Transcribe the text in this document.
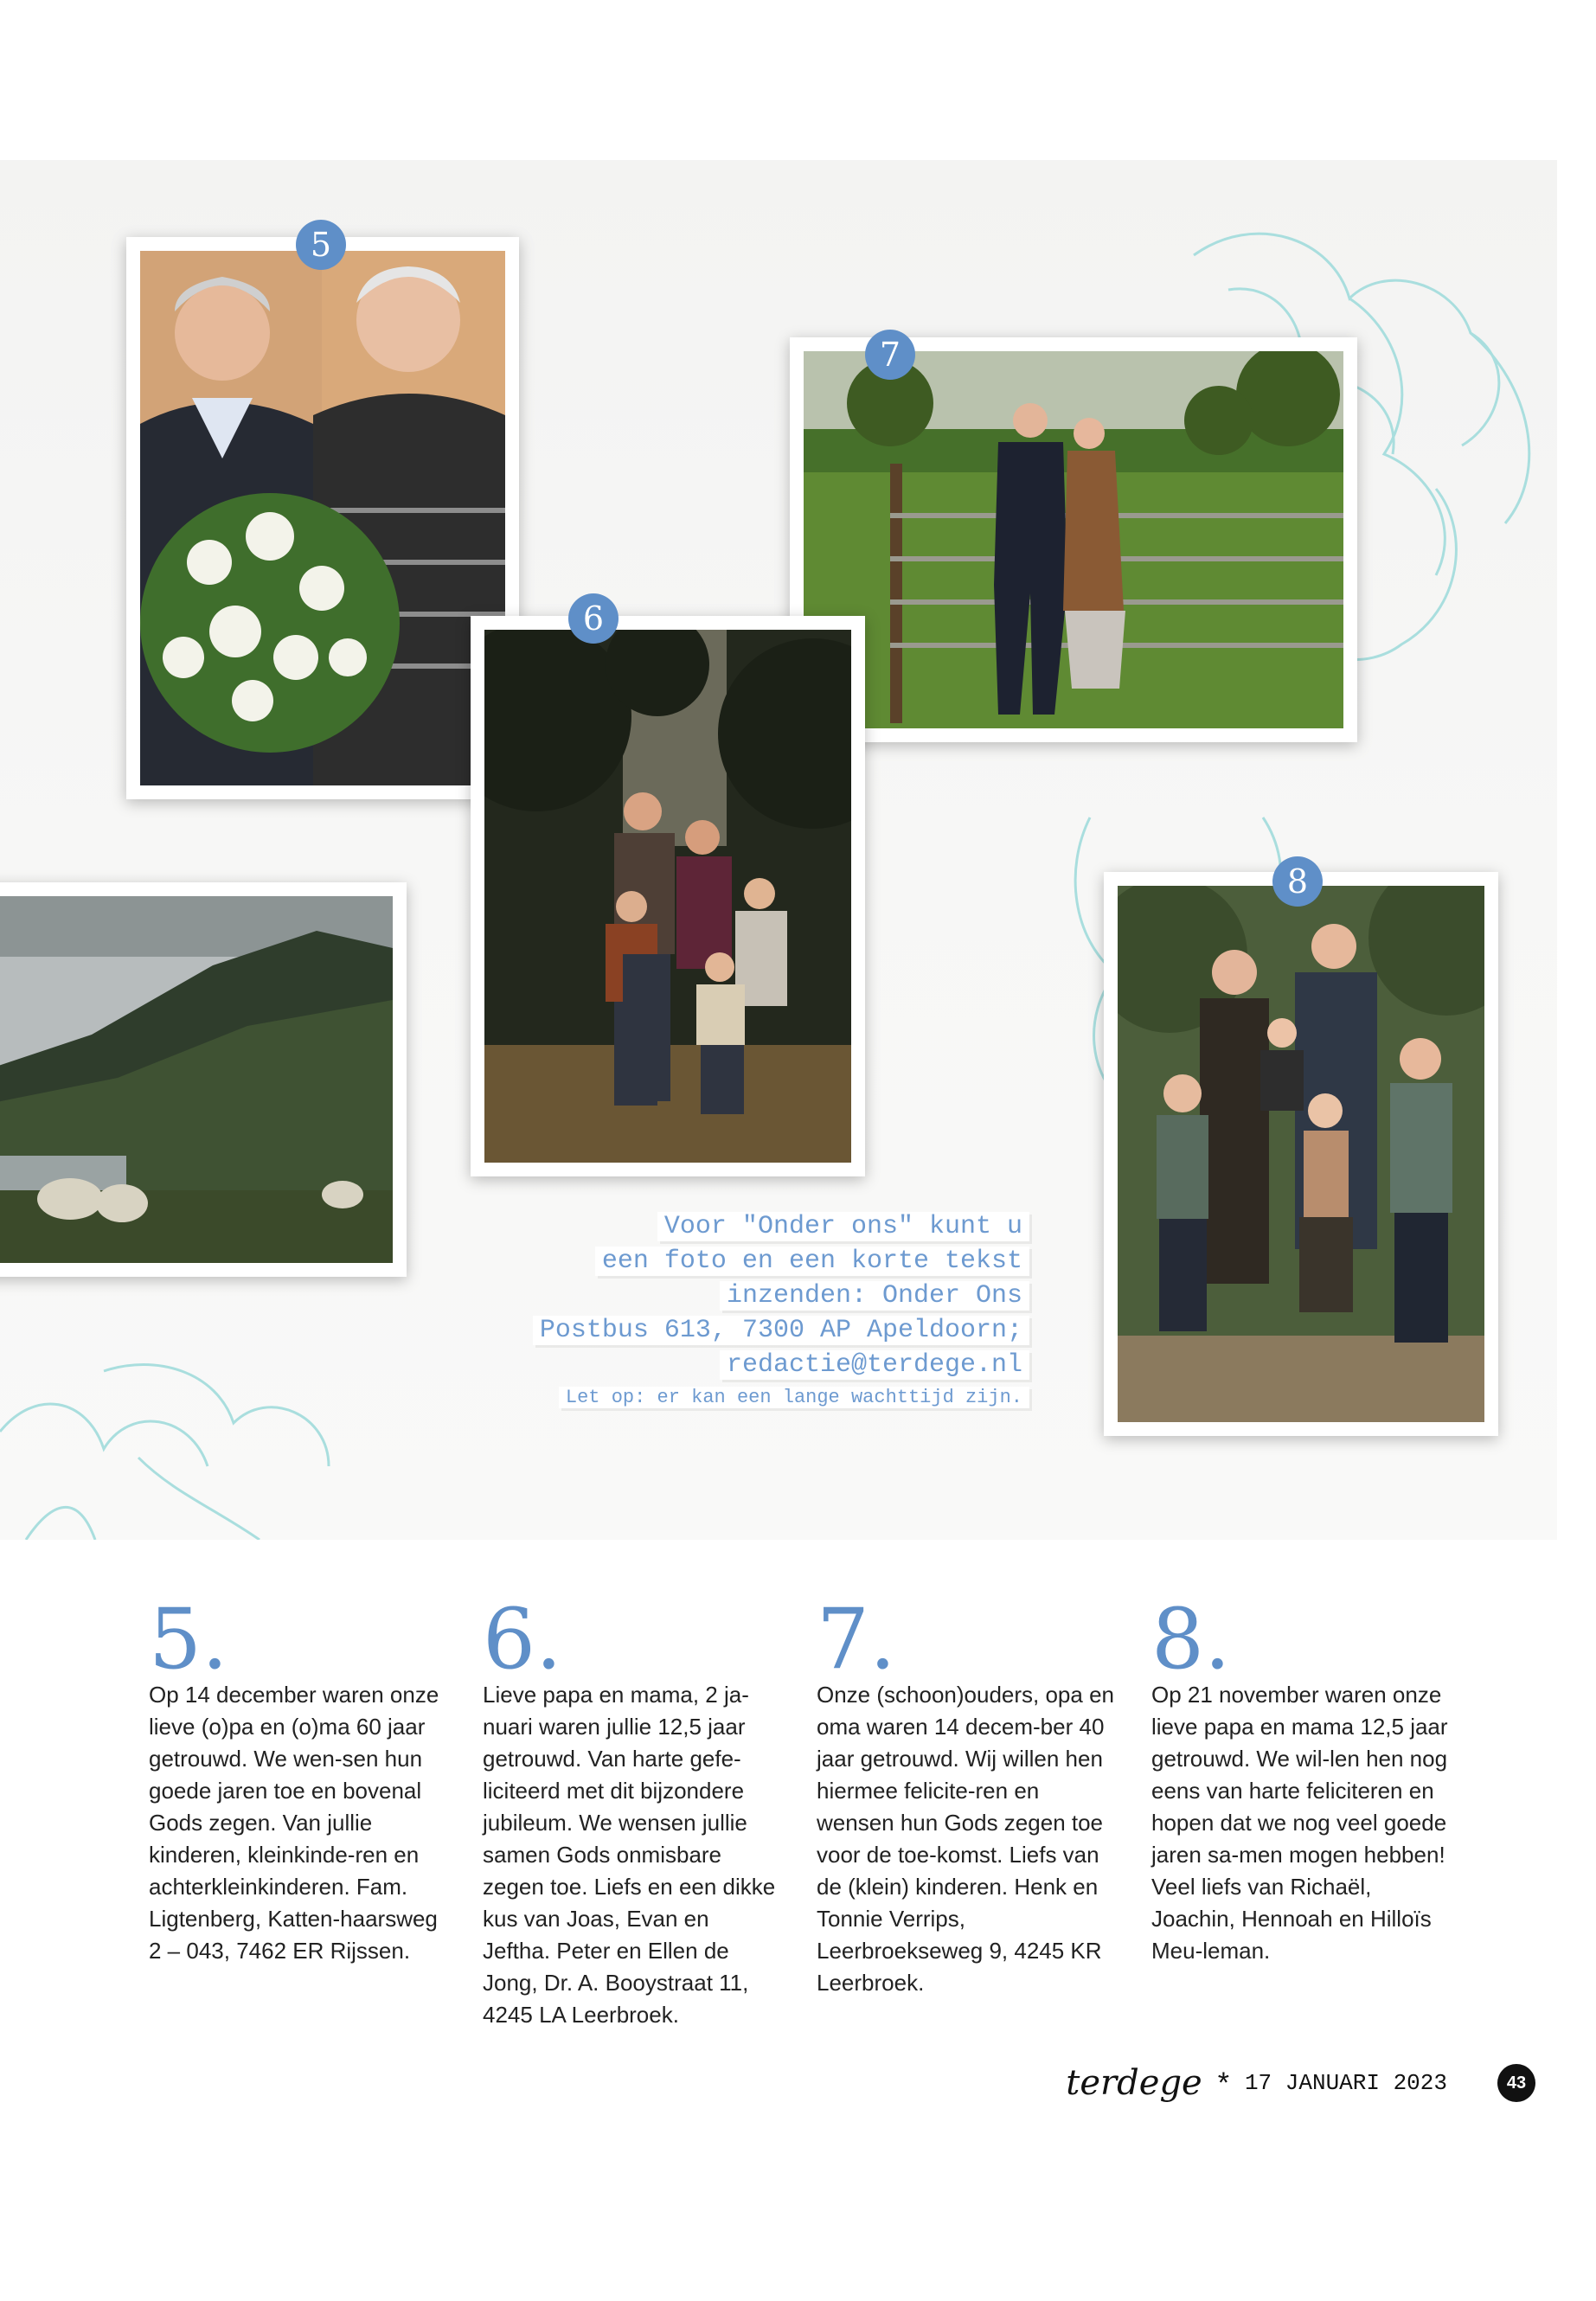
5
7
6
8
Voor "Onder ons" kunt u
een foto en een korte tekst
inzenden: Onder Ons
Postbus 613, 7300 AP Apeldoorn;
redactie@terdege.nl
Let op: er kan een lange wachttijd zijn.
5.

Op 14 december waren onze lieve (o)pa en (o)ma 60 jaar getrouwd. We wen-sen hun goede jaren toe en bovenal Gods zegen. Van jullie kinderen, kleinkinde-ren en achterkleinkinderen. Fam. Ligtenberg, Katten-haarsweg 2 – 043, 7462 ER Rijssen.

6.

Lieve papa en mama, 2 ja-nuari waren jullie 12,5 jaar getrouwd. Van harte gefe-liciteerd met dit bijzondere jubileum. We wensen jullie samen Gods onmisbare zegen toe. Liefs en een dikke kus van Joas, Evan en Jeftha. Peter en Ellen de Jong, Dr. A. Booystraat 11, 4245 LA Leerbroek.

7.

Onze (schoon)ouders, opa en oma waren 14 decem-ber 40 jaar getrouwd. Wij willen hen hiermee felicite-ren en wensen hun Gods zegen toe voor de toe-komst. Liefs van de (klein) kinderen. Henk en Tonnie Verrips, Leerbroekseweg 9, 4245 KR Leerbroek.

8.

Op 21 november waren onze lieve papa en mama 12,5 jaar getrouwd. We wil-len hen nog eens van harte feliciteren en hopen dat we nog veel goede jaren sa-men mogen hebben! Veel liefs van Richaël, Joachin, Hennoah en Hilloïs Meu-leman.

terdege * 17 JANUARI 2023	43
